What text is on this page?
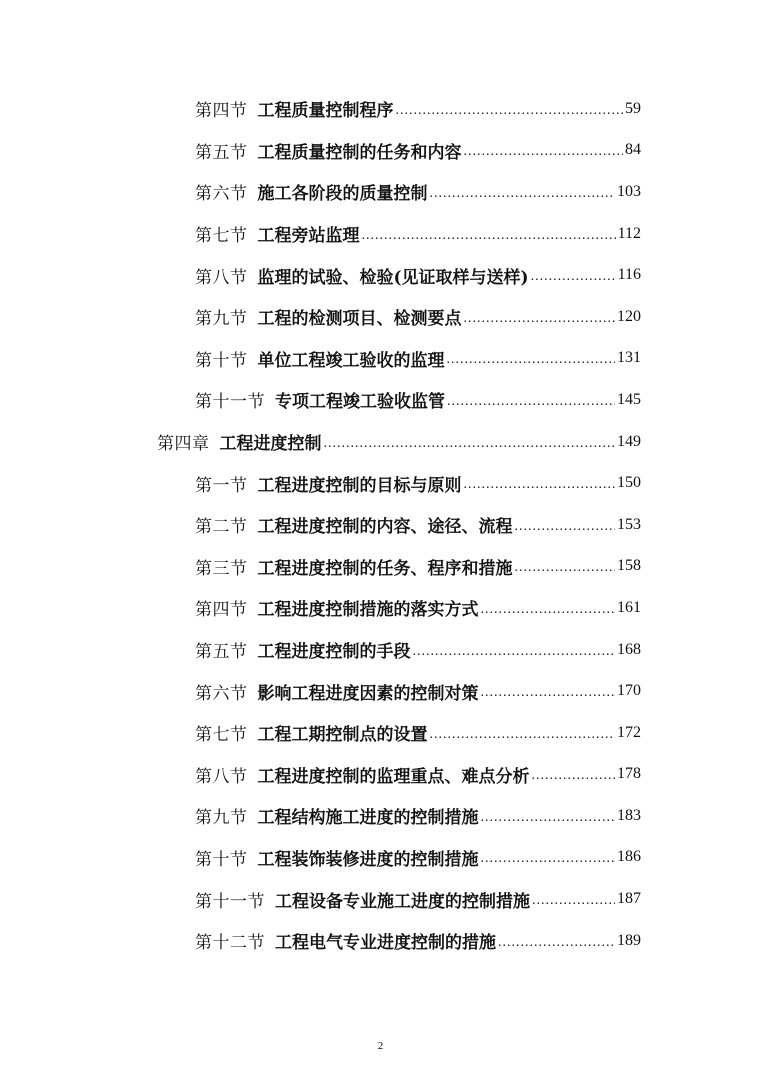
第四节 工程质量控制程序 .....	59
第五节 工程质量控制的任务和内容 .....	84
第六节 施工各阶段的质量控制 .....	103
第七节 工程旁站监理 .....	112
第八节 监理的试验、检验(见证取样与送样) .....	116
第九节 工程的检测项目、检测要点 .....	120
第十节 单位工程竣工验收的监理 .....	131
第十一节 专项工程竣工验收监管 .....	145
第四章 工程进度控制 .....	149
第一节 工程进度控制的目标与原则 .....	150
第二节 工程进度控制的内容、途径、流程 .....	153
第三节 工程进度控制的任务、程序和措施 .....	158
第四节 工程进度控制措施的落实方式 .....	161
第五节 工程进度控制的手段 .....	168
第六节 影响工程进度因素的控制对策 .....	170
第七节 工程工期控制点的设置 .....	172
第八节 工程进度控制的监理重点、难点分析 .....	178
第九节 工程结构施工进度的控制措施 .....	183
第十节 工程装饰装修进度的控制措施 .....	186
第十一节 工程设备专业施工进度的控制措施 .....	187
第十二节 工程电气专业进度控制的措施 .....	189
2
